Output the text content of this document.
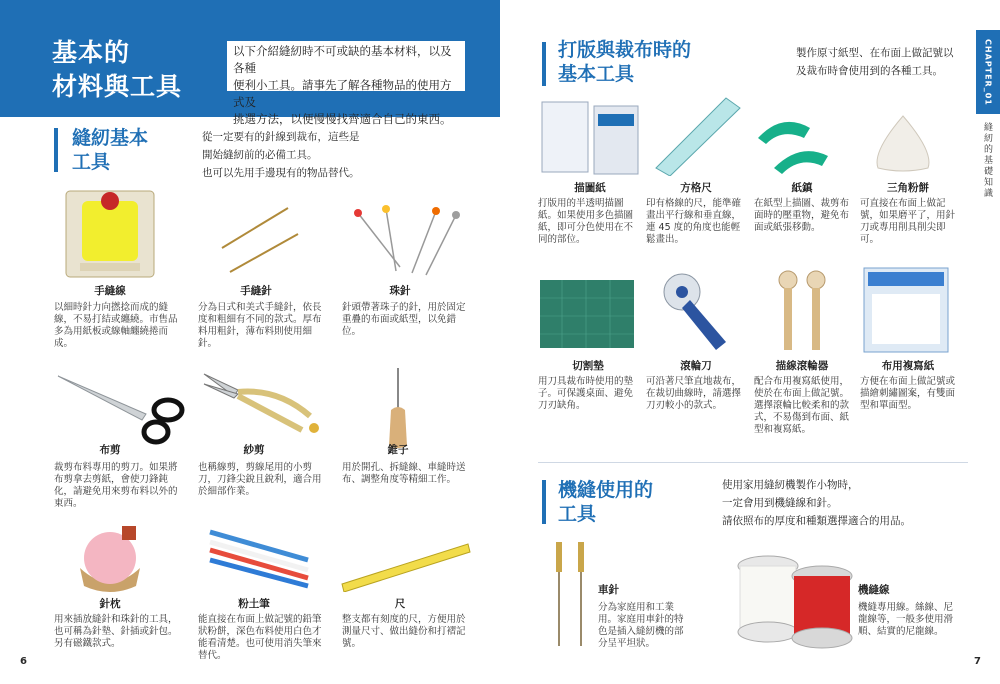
基本的
材料與工具
以下介紹縫紉時不可或缺的基本材料，以及各種
便利小工具。請事先了解各種物品的使用方式及
挑選方法，以便慢慢找齊適合自己的東西。
縫紉基本
工具
從一定要有的針線到裁布，這些是
開始縫紉前的必備工具。
也可以先用手邊現有的物品替代。
手縫線	手縫針	珠針
以細時針力向撚捻而成的縫線，不易打結或纏繞。市售品多為用紙板或線軸纏繞捲而成。
分為日式和美式手縫針，依長度和粗細有不同的款式。厚布料用粗針，薄布料則使用細針。
針頭帶著珠子的針，用於固定重疊的布面或紙型，以免錯位。
布剪	紗剪	錐子
裁剪布料專用的剪刀。如果將布剪拿去剪紙，會使刀鋒鈍化，請避免用來剪布料以外的東西。
也稱線剪，剪線尾用的小剪刀，刀鋒尖銳且銳利，適合用於細部作業。
用於開孔、拆縫線、車縫時送布、調整角度等精細工作。
針枕	粉土筆	尺
用來插放縫針和珠針的工具，也可稱為針墊、針插或針包。另有磁鐵款式。
能直接在布面上做記號的鉛筆狀粉餅，深色布料使用白色才能看清楚。也可使用消失筆來替代。
整支都有刻度的尺，方便用於測量尺寸、做出縫份和打褶記號。
6
CHAPTER_01
縫紉的基礎知識
打版與裁布時的
基本工具
製作原寸紙型、在布面上做記號以
及裁布時會使用到的各種工具。
描圖紙	方格尺	紙鎮	三角粉餅
打版用的半透明描圖紙。如果使用多色描圖紙，即可分色使用在不同的部位。
印有格線的尺，能準確畫出平行線和垂直線，連 45 度的角度也能輕鬆畫出。
在紙型上描圖、裁剪布面時的壓重物，避免布面或紙張移動。
可直接在布面上做記號，如果磨平了，用針刀或專用削具削尖即可。
切割墊	滾輪刀	描線滾輪器	布用複寫紙
用刀具裁布時使用的墊子。可保護桌面、避免刀刃缺角。
可沿著尺筆直地裁布，在裁切曲線時，請選擇刀刃較小的款式。
配合布用複寫紙使用，使於在布面上做記號。選擇滾輪比較柔和的款式，不易傷到布面、紙型和複寫紙。
方便在布面上做記號或描繪刺繡圖案，有雙面型和單面型。
機縫使用的
工具
使用家用縫紉機製作小物時，
一定會用到機縫線和針。
請依照布的厚度和種類選擇適合的用品。
車針
分為家庭用和工業用。家庭用車針的特色是插入縫紉機的部分呈平坦狀。
機縫線
機縫專用線。絲線、尼龍線等，一般多使用滑順、結實的尼龍線。
7
